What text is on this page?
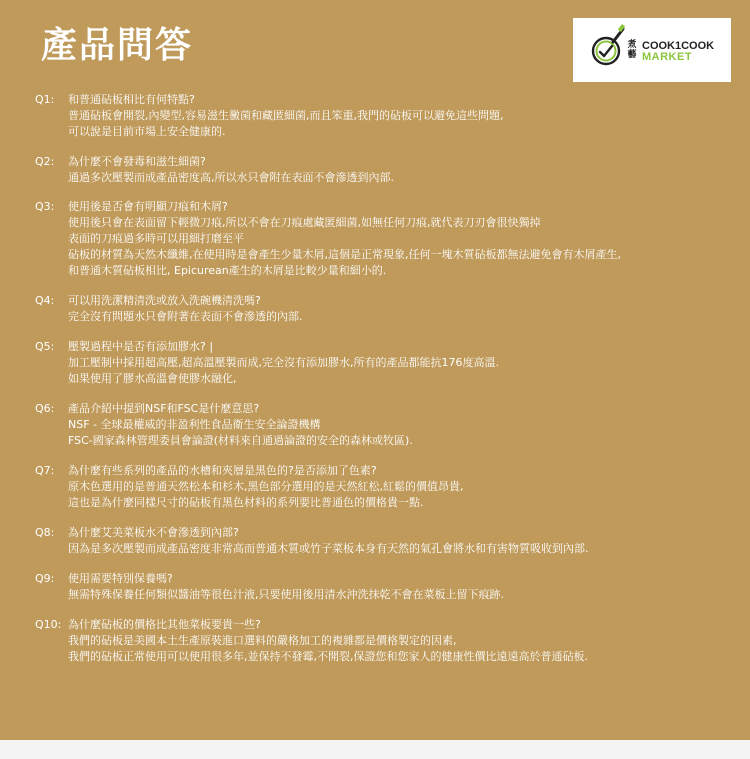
產品問答	煮藝
COOK1COOK
MARKET
Q1:	和普通砧板相比有何特點?
普通砧板會開裂,內變型,容易滋生黴菌和藏匿細菌,而且笨重,我門的砧板可以避免這些問題,
可以說是目前市場上安全健康的.
Q2:	為什麼不會發毒和滋生細菌?
通過多次壓製而成產品密度高,所以水只會附在表面不會滲透到內部.
Q3:	使用後是否會有明顯刀痕和木屑?
使用後只會在表面留下輕微刀痕,所以不會在刀痕處藏匿細菌,如無任何刀痕,就代表刀刃會很快獨掉
表面的刀痕過多時可以用細打磨至平
砧板的材質為天然木纖維,在使用時是會產生少量木屑,這個是正常現象,任何一塊木質砧板都無法避免會有木屑產生,
和普通木質砧板相比, Epicurean產生的木屑是比較少量和細小的.
Q4:	可以用洗潔精清洗或放入洗碗機清洗嗎?
完全沒有問題水只會附著在表面不會滲透的內部.
Q5:	壓製過程中是否有添加膠水? |
加工壓制中採用超高壓,超高溫壓製而成,完全沒有添加膠水,所有的產品都能抗176度高溫.
如果使用了膠水高溫會使膠水融化,
Q6:	產品介紹中提到NSF和FSC是什麼意思?
NSF - 全球最權威的非盈利性食品衛生安全論證機構
FSC-國家森林管理委員會論證(材料來自通過論證的安全的森林或牧區).
Q7:	為什麼有些系列的產品的水槽和夾層是黑色的?是否添加了色素?
原木色選用的是普通天然松本和杉木,黑色部分選用的是天然紅松,紅鬆的價值昂貴,
這也是為什麼同樣尺寸的砧板有黑色材料的系列要比普通色的價格貴一點.
Q8:	為什麼艾美菜板水不會滲透到內部?
因為是多次壓製而成產品密度非常高而普通木質或竹子菜板本身有天然的氣孔會將水和有害物質吸收到內部.
Q9:	使用需要特別保養嗎?
無需特殊保養任何類似醬油等很色汁液,只要使用後用清水沖洗抹乾不會在菜板上留下痕跡.
Q10: 為什麼砧板的價格比其他菜板要貴一些?
我們的砧板是美國本土生產原裝進口選料的嚴格加工的複雜都是價格製定的因素,
我們的砧板正常使用可以使用很多年,並保持不發霉,不開裂,保證您和您家人的健康性價比遠遠高於普通砧板.
